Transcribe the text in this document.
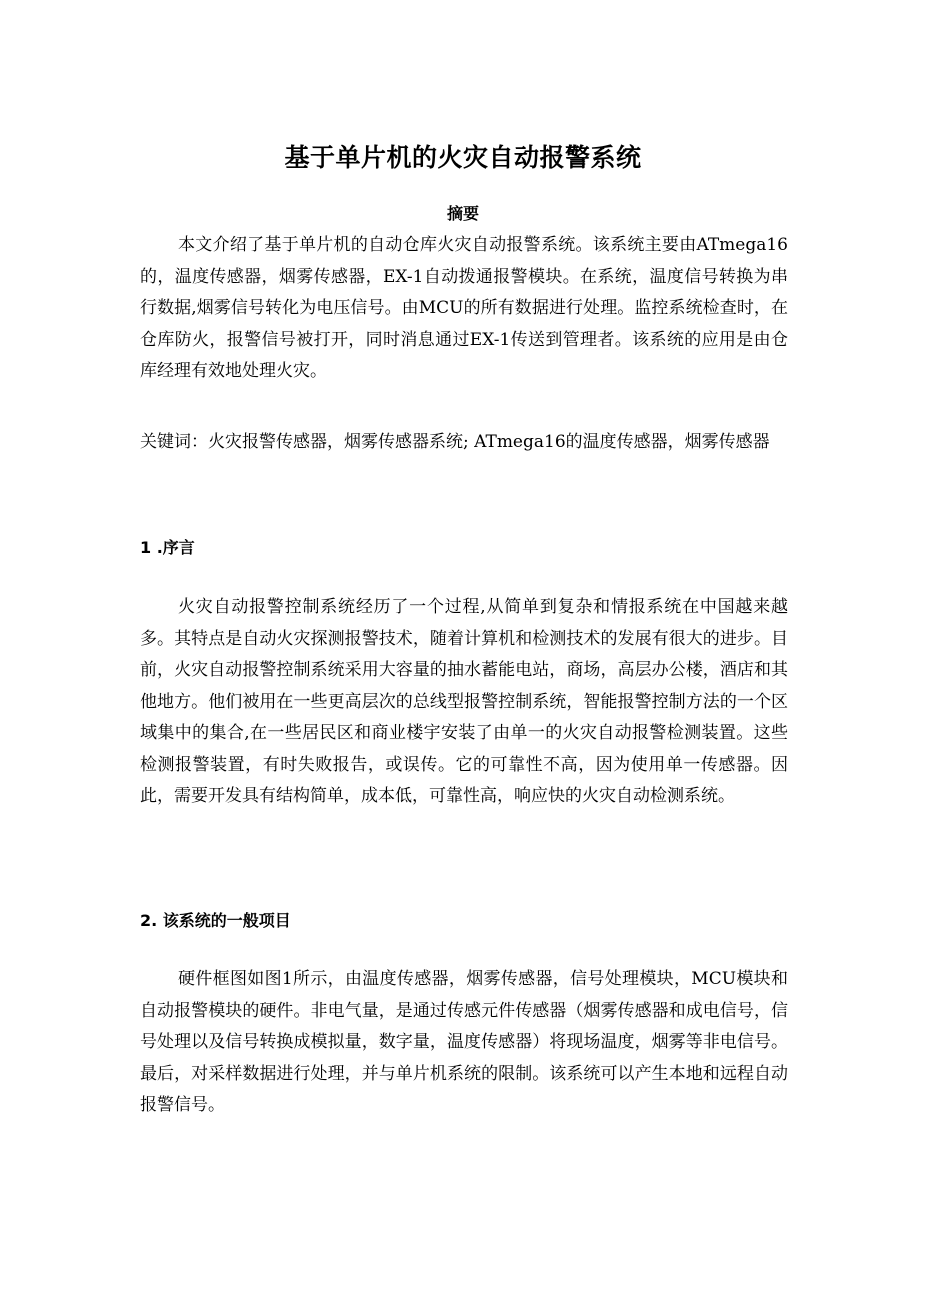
基于单片机的火灾自动报警系统
摘要

本文介绍了基于单片机的自动仓库火灾自动报警系统。该系统主要由ATmega16的，温度传感器，烟雾传感器，EX-1自动拨通报警模块。在系统，温度信号转换为串行数据,烟雾信号转化为电压信号。由MCU的所有数据进行处理。监控系统检查时，在仓库防火，报警信号被打开，同时消息通过EX-1传送到管理者。该系统的应用是由仓库经理有效地处理火灾。

关键词：火灾报警传感器，烟雾传感器系统; ATmega16的温度传感器，烟雾传感器

1 .序言

火灾自动报警控制系统经历了一个过程,从简单到复杂和情报系统在中国越来越多。其特点是自动火灾探测报警技术，随着计算机和检测技术的发展有很大的进步。目前，火灾自动报警控制系统采用大容量的抽水蓄能电站，商场，高层办公楼，酒店和其他地方。他们被用在一些更高层次的总线型报警控制系统，智能报警控制方法的一个区域集中的集合,在一些居民区和商业楼宇安装了由单一的火灾自动报警检测装置。这些检测报警装置，有时失败报告，或误传。它的可靠性不高，因为使用单一传感器。因此，需要开发具有结构简单，成本低，可靠性高，响应快的火灾自动检测系统。

2. 该系统的一般项目

硬件框图如图1所示，由温度传感器，烟雾传感器，信号处理模块，MCU模块和自动报警模块的硬件。非电气量，是通过传感元件传感器（烟雾传感器和成电信号，信号处理以及信号转换成模拟量，数字量，温度传感器）将现场温度，烟雾等非电信号。最后，对采样数据进行处理，并与单片机系统的限制。该系统可以产生本地和远程自动报警信号。
